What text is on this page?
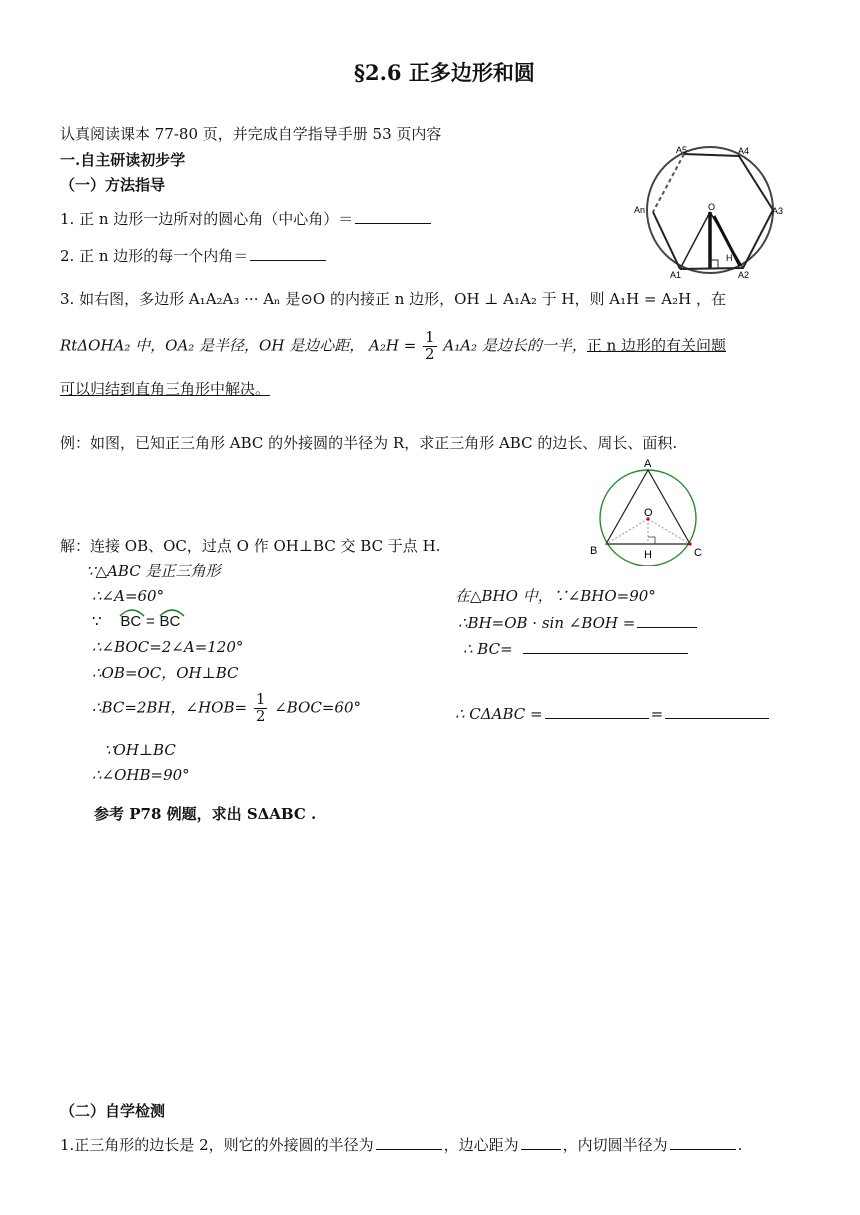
§2.6 正多边形和圆
认真阅读课本 77-80 页，并完成自学指导手册 53 页内容
一.自主研读初步学
（一）方法指导
1. 正 n 边形一边所对的圆心角（中心角）＝
2. 正 n 边形的每一个内角＝
3. 如右图，多边形 A₁A₂A₃ ··· Aₙ 是⊙O 的内接正 n 边形，OH ⊥ A₁A₂ 于 H，则 A₁H = A₂H ，在
RtΔOHA₂ 中，OA₂ 是半径，OH 是边心距， $A_2H = \frac{1}{2} A_1A_2$ 是边长的一半，正 n 边形的有关问题
可以归结到直角三角形中解决。
例：如图，已知正三角形 ABC 的外接圆的半径为 R，求正三角形 ABC 的边长、周长、面积.
解：连接 OB、OC，过点 O 作 OH⊥BC 交 BC 于点 H.
∵△ABC 是正三角形
∴∠A=60°
∵ BC = BC
∴∠BOC=2∠A=120°
∴OB=OC，OH⊥BC
∴BC=2BH，∠HOB= $\frac{1}{2}$ ∠BOC=60°
∵OH⊥BC
∴∠OHB=90°
在△BHO 中，∵∠BHO=90°
∴BH=OB · sin ∠BOH =
∴ BC=
∴ CΔABC =	=
参考 P78 例题，求出 SΔABC .
（二）自学检测
1.正三角形的边长是 2，则它的外接圆的半径为	，边心距为	，内切圆半径为	.
A5	A4
An	O	A3
H
A1	A2
A
O
B	H	C
